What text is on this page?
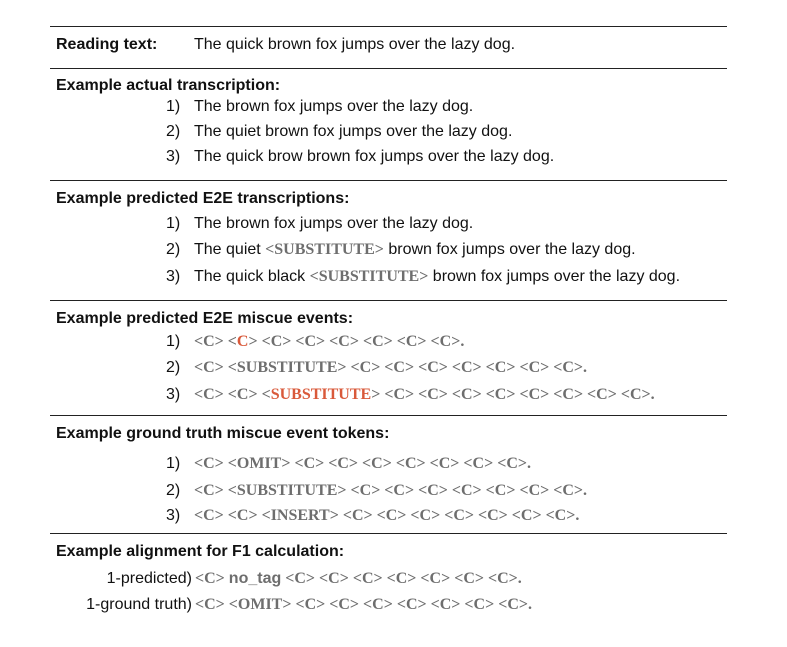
Reading text: The quick brown fox jumps over the lazy dog.
Example actual transcription:
1) The brown fox jumps over the lazy dog.
2) The quiet brown fox jumps over the lazy dog.
3) The quick brow brown fox jumps over the lazy dog.
Example predicted E2E transcriptions:
1) The brown fox jumps over the lazy dog.
2) The quiet <SUBSTITUTE> brown fox jumps over the lazy dog.
3) The quick black <SUBSTITUTE> brown fox jumps over the lazy dog.
Example predicted E2E miscue events:
1) <C> <C> <C> <C> <C> <C> <C> <C>.
2) <C> <SUBSTITUTE> <C> <C> <C> <C> <C> <C> <C>.
3) <C> <C> <SUBSTITUTE> <C> <C> <C> <C> <C> <C> <C> <C>.
Example ground truth miscue event tokens:
1) <C> <OMIT> <C> <C> <C> <C> <C> <C> <C>.
2) <C> <SUBSTITUTE> <C> <C> <C> <C> <C> <C> <C>.
3) <C> <C> <INSERT> <C> <C> <C> <C> <C> <C> <C>.
Example alignment for F1 calculation:
1-predicted) <C> no_tag <C> <C> <C> <C> <C> <C> <C>.
1-ground truth) <C> <OMIT> <C> <C> <C> <C> <C> <C> <C>.
